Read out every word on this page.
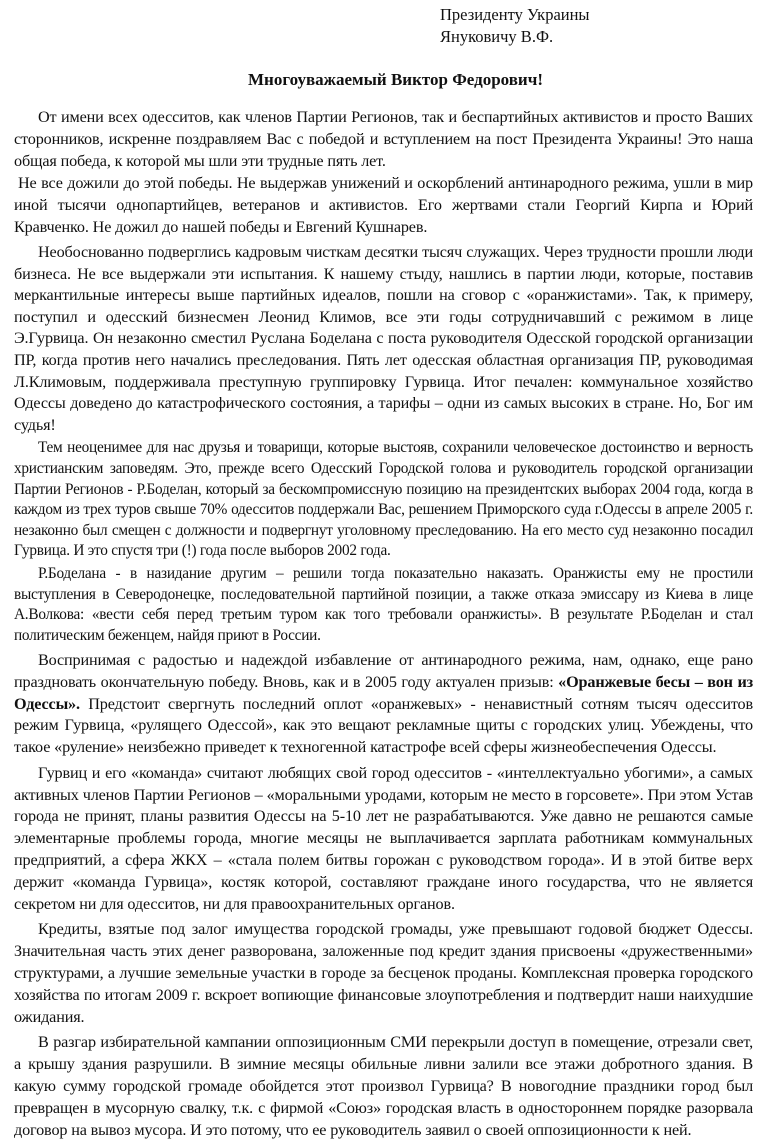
Президенту Украины
Януковичу В.Ф.
Многоуважаемый Виктор Федорович!

От имени всех одесситов, как членов Партии Регионов, так и беспартийных активистов и просто Ваших сторонников, искренне поздравляем Вас с победой и вступлением на пост Президента Украины! Это наша общая победа, к которой мы шли эти трудные пять лет.

Не все дожили до этой победы. Не выдержав унижений и оскорблений антинародного режима, ушли в мир иной тысячи однопартийцев, ветеранов и активистов. Его жертвами стали Георгий Кирпа и Юрий Кравченко. Не дожил до нашей победы и Евгений Кушнарев.

Необоснованно подверглись кадровым чисткам десятки тысяч служащих. Через трудности прошли люди бизнеса. Не все выдержали эти испытания. К нашему стыду, нашлись в партии люди, которые, поставив меркантильные интересы выше партийных идеалов, пошли на сговор с «оранжистами». Так, к примеру, поступил и одесский бизнесмен Леонид Климов, все эти годы сотрудничавший с режимом в лице Э.Гурвица. Он незаконно сместил Руслана Боделана с поста руководителя Одесской городской организации ПР, когда против него начались преследования. Пять лет одесская областная организация ПР, руководимая Л.Климовым, поддерживала преступную группировку Гурвица. Итог печален: коммунальное хозяйство Одессы доведено до катастрофического состояния, а тарифы – одни из самых высоких в стране. Но, Бог им судья!

Тем неоценимее для нас друзья и товарищи, которые выстояв, сохранили человеческое достоинство и верность христианским заповедям. Это, прежде всего Одесский Городской голова и руководитель городской организации Партии Регионов - Р.Боделан, который за бескомпромиссную позицию на президентских выборах 2004 года, когда в каждом из трех туров свыше 70% одесситов поддержали Вас, решением Приморского суда г.Одессы в апреле 2005 г. незаконно был смещен с должности и подвергнут уголовному преследованию. На его место суд незаконно посадил Гурвица. И это спустя три (!) года после выборов 2002 года.

Р.Боделана - в назидание другим – решили тогда показательно наказать. Оранжисты ему не простили выступления в Северодонецке, последовательной партийной позиции, а также отказа эмиссару из Киева в лице А.Волкова: «вести себя перед третьим туром как того требовали оранжисты». В результате Р.Боделан и стал политическим беженцем, найдя приют в России.

Воспринимая с радостью и надеждой избавление от антинародного режима, нам, однако, еще рано праздновать окончательную победу. Вновь, как и в 2005 году актуален призыв: «Оранжевые бесы – вон из Одессы». Предстоит свергнуть последний оплот «оранжевых» - ненавистный сотням тысяч одесситов режим Гурвица, «рулящего Одессой», как это вещают рекламные щиты с городских улиц. Убеждены, что такое «руление» неизбежно приведет к техногенной катастрофе всей сферы жизнеобеспечения Одессы.

Гурвиц и его «команда» считают любящих свой город одесситов - «интеллектуально убогими», а самых активных членов Партии Регионов – «моральными уродами, которым не место в горсовете». При этом Устав города не принят, планы развития Одессы на 5-10 лет не разрабатываются. Уже давно не решаются самые элементарные проблемы города, многие месяцы не выплачивается зарплата работникам коммунальных предприятий, а сфера ЖКХ – «стала полем битвы горожан с руководством города». И в этой битве верх держит «команда Гурвица», костяк которой, составляют граждане иного государства, что не является секретом ни для одесситов, ни для правоохранительных органов.

Кредиты, взятые под залог имущества городской громады, уже превышают годовой бюджет Одессы. Значительная часть этих денег разворована, заложенные под кредит здания присвоены «дружественными» структурами, а лучшие земельные участки в городе за бесценок проданы. Комплексная проверка городского хозяйства по итогам 2009 г. вскроет вопиющие финансовые злоупотребления и подтвердит наши наихудшие ожидания.

В разгар избирательной кампании оппозиционным СМИ перекрыли доступ в помещение, отрезали свет, а крышу здания разрушили. В зимние месяцы обильные ливни залили все этажи добротного здания. В какую сумму городской громаде обойдется этот произвол Гурвица? В новогодние праздники город был превращен в мусорную свалку, т.к. с фирмой «Союз» городская власть в одностороннем порядке разорвала договор на вывоз мусора. И это потому, что ее руководитель заявил о своей оппозиционности к ней.
